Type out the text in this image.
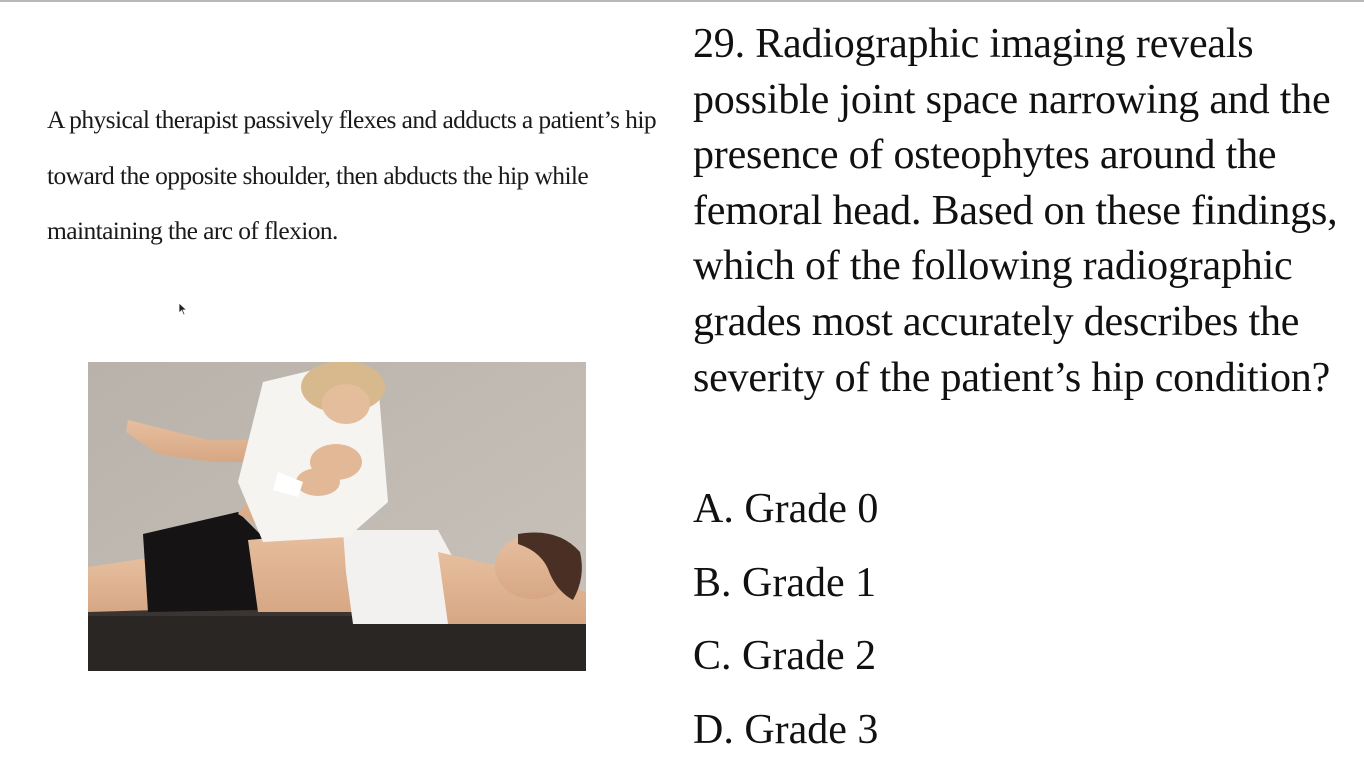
A physical therapist passively flexes and adducts a patient’s hip toward the opposite shoulder, then abducts the hip while maintaining the arc of flexion.
29. Radiographic imaging reveals possible joint space narrowing and the presence of osteophytes around the femoral head. Based on these findings, which of the following radiographic grades most accurately describes the severity of the patient’s hip condition?
A. Grade 0
B. Grade 1
C. Grade 2
D. Grade 3
